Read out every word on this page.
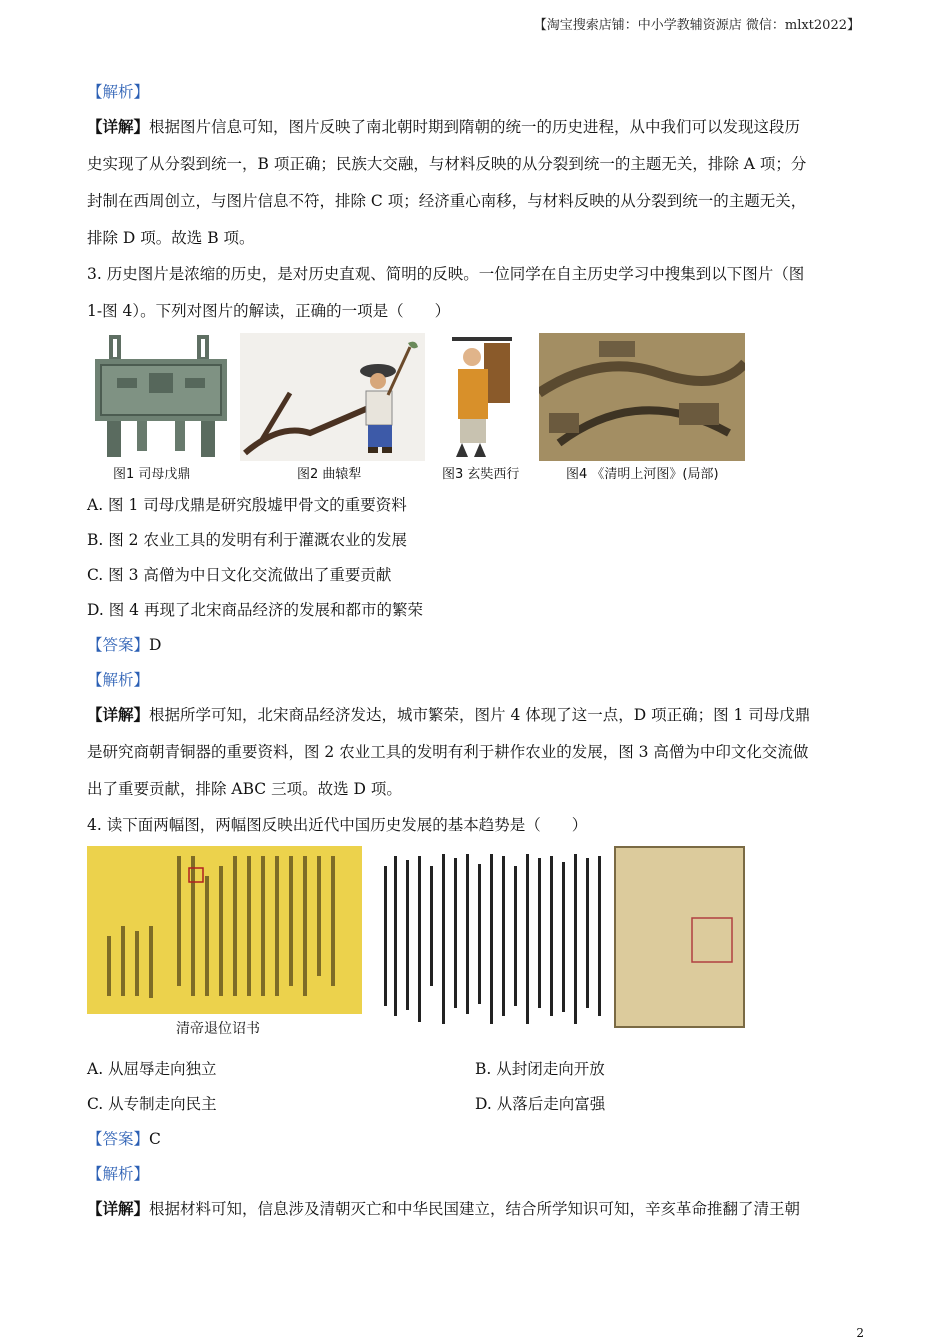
【淘宝搜索店铺：中小学教辅资源店 微信：mlxt2022】
【解析】
【详解】根据图片信息可知，图片反映了南北朝时期到隋朝的统一的历史进程，从中我们可以发现这段历
史实现了从分裂到统一，B 项正确；民族大交融，与材料反映的从分裂到统一的主题无关，排除 A 项；分
封制在西周创立，与图片信息不符，排除 C 项；经济重心南移，与材料反映的从分裂到统一的主题无关，
排除 D 项。故选 B 项。
3. 历史图片是浓缩的历史，是对历史直观、简明的反映。一位同学在自主历史学习中搜集到以下图片（图
1-图 4）。下列对图片的解读，正确的一项是（　　）
图1 司母戊鼎	图2 曲辕犁	图3 玄奘西行	图4 《清明上河图》(局部)
A. 图 1 司母戊鼎是研究殷墟甲骨文的重要资料
B. 图 2 农业工具的发明有利于灌溉农业的发展
C. 图 3 高僧为中日文化交流做出了重要贡献
D. 图 4 再现了北宋商品经济的发展和都市的繁荣
【答案】D
【解析】
【详解】根据所学可知，北宋商品经济发达，城市繁荣，图片 4 体现了这一点，D 项正确；图 1 司母戊鼎
是研究商朝青铜器的重要资料，图 2 农业工具的发明有利于耕作农业的发展，图 3 高僧为中印文化交流做
出了重要贡献，排除 ABC 三项。故选 D 项。
4. 读下面两幅图，两幅图反映出近代中国历史发展的基本趋势是（　　）
清帝退位诏书
A. 从屈辱走向独立	B. 从封闭走向开放
C. 从专制走向民主	D. 从落后走向富强
【答案】C
【解析】
【详解】根据材料可知，信息涉及清朝灭亡和中华民国建立，结合所学知识可知，辛亥革命推翻了清王朝
2
